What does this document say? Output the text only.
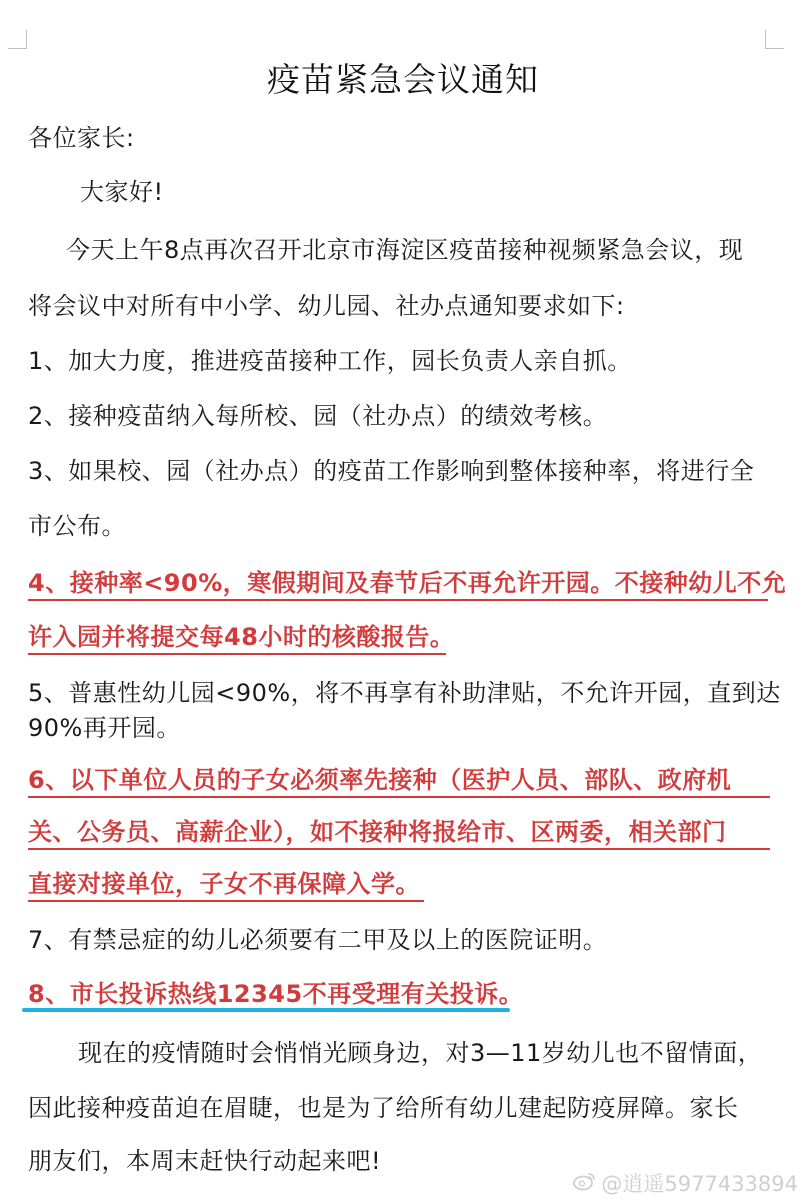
疫苗紧急会议通知
各位家长:
大家好!
今天上午8点再次召开北京市海淀区疫苗接种视频紧急会议，现
将会议中对所有中小学、幼儿园、社办点通知要求如下:
1、加大力度，推进疫苗接种工作，园长负责人亲自抓。
2、接种疫苗纳入每所校、园（社办点）的绩效考核。
3、如果校、园（社办点）的疫苗工作影响到整体接种率，将进行全
市公布。
4、接种率<90%，寒假期间及春节后不再允许开园。不接种幼儿不允
许入园并将提交每48小时的核酸报告。
5、普惠性幼儿园<90%，将不再享有补助津贴，不允许开园，直到达
90%再开园。
6、以下单位人员的子女必须率先接种（医护人员、部队、政府机
关、公务员、高薪企业），如不接种将报给市、区两委，相关部门
直接对接单位，子女不再保障入学。
7、有禁忌症的幼儿必须要有二甲及以上的医院证明。
8、市长投诉热线12345不再受理有关投诉。
现在的疫情随时会悄悄光顾身边，对3—11岁幼儿也不留情面，
因此接种疫苗迫在眉睫，也是为了给所有幼儿建起防疫屏障。家长
朋友们，本周末赶快行动起来吧!
@逍遥5977433894
